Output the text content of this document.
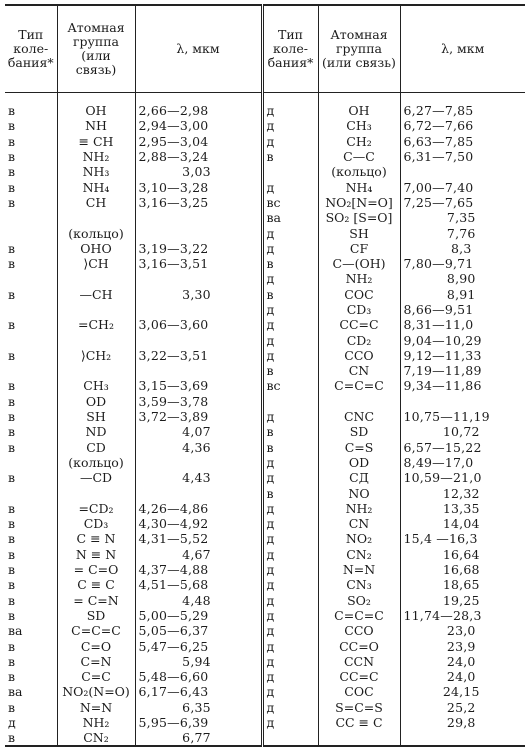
Тип коле- бания*	Атомная группа (или связь)	λ, мкм	Тип коле- бания*	Атомная группа (или связь)	λ, мкм
в	OH	2,66—2,98	д	OH	6,27—7,85
в	NH	2,94—3,00	д	CH₃	6,72—7,66
в	≡ CH	2,95—3,04	д	CH₂	6,63—7,85
в	NH₂	2,88—3,24	в	C—C	6,31—7,50
в	NH₃	3,03		(кольцо)	
в	NH₄	3,10—3,28	д	NH₄	7,00—7,40
в	CH	3,16—3,25	вс	NO₂[N=O]	7,25—7,65
			ва	SO₂ [S=O]	7,35
	(кольцо)		д	SH	7,76
в	OHO	3,19—3,22	д	CF	8,3
в	⟩CH	3,16—3,51	в	C—(OH)	7,80—9,71
			д	NH₂	8,90
в	—CH	3,30	в	COC	8,91
			д	CD₃	8,66—9,51
в	=CH₂	3,06—3,60	д	CC=C	8,31—11,0
			д	CD₂	9,04—10,29
в	⟩CH₂	3,22—3,51	д	CCO	9,12—11,33
			в	CN	7,19—11,89
в	CH₃	3,15—3,69	вс	C=C=C	9,34—11,86
в	OD	3,59—3,78			
в	SH	3,72—3,89	д	CNC	10,75—11,19
в	ND	4,07	в	SD	10,72
в	CD	4,36	в	C=S	6,57—15,22
	(кольцо)		д	OD	8,49—17,0
в	—CD	4,43	д	СД	10,59—21,0
			в	NO	12,32
в	=CD₂	4,26—4,86	д	NH₂	13,35
в	CD₃	4,30—4,92	д	CN	14,04
в	C ≡ N	4,31—5,52	д	NO₂	15,4 —16,3
в	N ≡ N	4,67	д	CN₂	16,64
в	= C=O	4,37—4,88	д	N=N	16,68
в	C ≡ C	4,51—5,68	д	CN₃	18,65
в	= C=N	4,48	д	SO₂	19,25
в	SD	5,00—5,29	д	C=C=C	11,74—28,3
ва	C=C=C	5,05—6,37	д	CCO	23,0
в	C=O	5,47—6,25	д	CC=O	23,9
в	C=N	5,94	д	CCN	24,0
в	C=C	5,48—6,60	д	CC=C	24,0
ва	NO₂(N=O)	6,17—6,43	д	COC	24,15
в	N=N	6,35	д	S=C=S	25,2
д	NH₂	5,95—6,39	д	CC ≡ C	29,8
в	CN₂	6,77			
